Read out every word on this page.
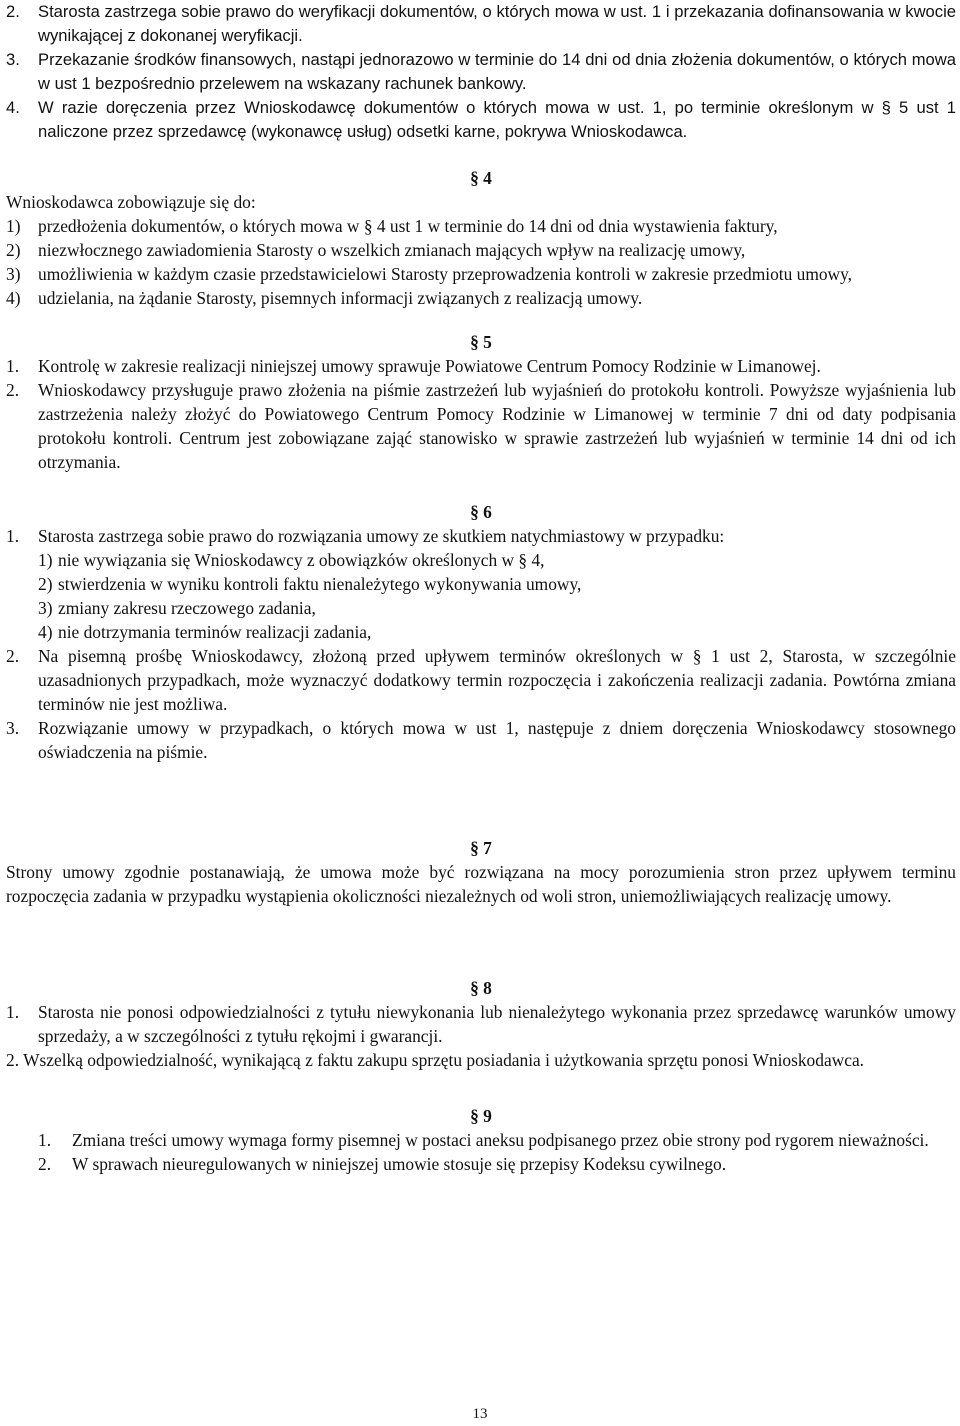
2.	Starosta zastrzega sobie prawo do weryfikacji dokumentów, o których mowa w ust. 1 i przekazania dofinansowania w kwocie wynikającej z dokonanej weryfikacji.
3.	Przekazanie środków finansowych, nastąpi jednorazowo w terminie do 14 dni od dnia złożenia dokumentów, o których mowa w ust 1 bezpośrednio przelewem na wskazany rachunek bankowy.
4.	W razie doręczenia przez Wnioskodawcę dokumentów o których mowa w ust. 1, po terminie określonym w § 5 ust 1 naliczone przez sprzedawcę (wykonawcę usług) odsetki karne, pokrywa Wnioskodawca.
§ 4
Wnioskodawca zobowiązuje się do:
1)	przedłożenia dokumentów, o których mowa w § 4 ust 1 w terminie do 14 dni od dnia wystawienia faktury,
2)	niezwłocznego zawiadomienia Starosty o wszelkich zmianach mających wpływ na realizację umowy,
3)	umożliwienia w każdym czasie przedstawicielowi Starosty przeprowadzenia kontroli w zakresie przedmiotu umowy,
4)	udzielania, na żądanie Starosty, pisemnych informacji związanych z realizacją umowy.
§ 5
1.	Kontrolę w zakresie realizacji niniejszej umowy sprawuje Powiatowe Centrum Pomocy Rodzinie w Limanowej.
2.	Wnioskodawcy przysługuje prawo złożenia na piśmie zastrzeżeń lub wyjaśnień do protokołu kontroli. Powyższe wyjaśnienia lub zastrzeżenia należy złożyć do Powiatowego Centrum Pomocy Rodzinie w Limanowej w terminie 7 dni od daty podpisania protokołu kontroli. Centrum jest zobowiązane zająć stanowisko w sprawie zastrzeżeń lub wyjaśnień w terminie 14 dni od ich otrzymania.
§ 6
1.	Starosta zastrzega sobie prawo do rozwiązania umowy ze skutkiem natychmiastowy w przypadku:
1) nie wywiązania się Wnioskodawcy z obowiązków określonych w § 4,
2) stwierdzenia w wyniku kontroli faktu nienależytego wykonywania umowy,
3) zmiany zakresu rzeczowego zadania,
4) nie dotrzymania terminów realizacji zadania,
2.	Na pisemną prośbę Wnioskodawcy, złożoną przed upływem terminów określonych w § 1 ust 2, Starosta, w szczególnie uzasadnionych przypadkach, może wyznaczyć dodatkowy termin rozpoczęcia i zakończenia realizacji zadania. Powtórna zmiana terminów nie jest możliwa.
3.	Rozwiązanie umowy w przypadkach, o których mowa w ust 1, następuje z dniem doręczenia Wnioskodawcy stosownego oświadczenia na piśmie.
§ 7
Strony umowy zgodnie postanawiają, że umowa może być rozwiązana na mocy porozumienia stron przez upływem terminu rozpoczęcia zadania w przypadku wystąpienia okoliczności niezależnych od woli stron, uniemożliwiających realizację umowy.
§ 8
1.	Starosta nie ponosi odpowiedzialności z tytułu niewykonania lub nienależytego wykonania przez sprzedawcę warunków umowy sprzedaży, a w szczególności z tytułu rękojmi i gwarancji.
2. Wszelką odpowiedzialność, wynikającą z faktu zakupu sprzętu posiadania i użytkowania sprzętu ponosi Wnioskodawca.
§ 9
1.	Zmiana treści umowy wymaga formy pisemnej w postaci aneksu podpisanego przez obie strony pod rygorem nieważności.
2.	W sprawach nieuregulowanych w niniejszej umowie stosuje się przepisy Kodeksu cywilnego.
13
